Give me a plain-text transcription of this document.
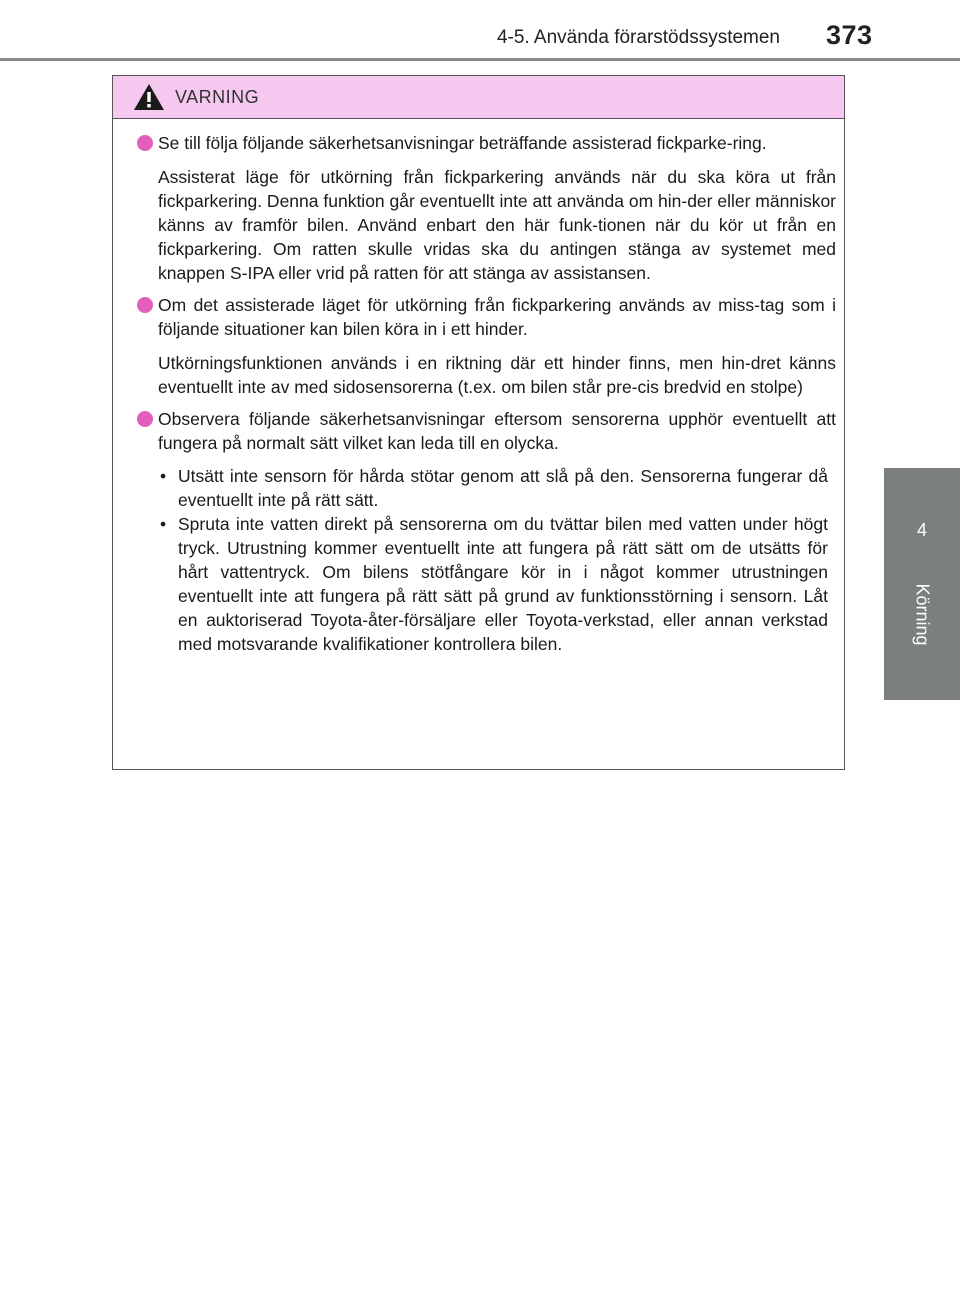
4-5. Använda förarstödssystemen 373
4
Körning
VARNING

Se till följa följande säkerhetsanvisningar beträffande assisterad fickparke-ring.

Assisterat läge för utkörning från fickparkering används när du ska köra ut från fickparkering. Denna funktion går eventuellt inte att använda om hin-der eller människor känns av framför bilen. Använd enbart den här funk-tionen när du kör ut från en fickparkering. Om ratten skulle vridas ska du antingen stänga av systemet med knappen S-IPA eller vrid på ratten för att stänga av assistansen.

Om det assisterade läget för utkörning från fickparkering används av miss-tag som i följande situationer kan bilen köra in i ett hinder.

Utkörningsfunktionen används i en riktning där ett hinder finns, men hin-dret känns eventuellt inte av med sidosensorerna (t.ex. om bilen står pre-cis bredvid en stolpe)

Observera följande säkerhetsanvisningar eftersom sensorerna upphör eventuellt att fungera på normalt sätt vilket kan leda till en olycka.

• Utsätt inte sensorn för hårda stötar genom att slå på den. Sensorerna fungerar då eventuellt inte på rätt sätt.
• Spruta inte vatten direkt på sensorerna om du tvättar bilen med vatten under högt tryck. Utrustning kommer eventuellt inte att fungera på rätt sätt om de utsätts för hårt vattentryck. Om bilens stötfångare kör in i något kommer utrustningen eventuellt inte att fungera på rätt sätt på grund av funktionsstörning i sensorn. Låt en auktoriserad Toyota-åter-försäljare eller Toyota-verkstad, eller annan verkstad med motsvarande kvalifikationer kontrollera bilen.
